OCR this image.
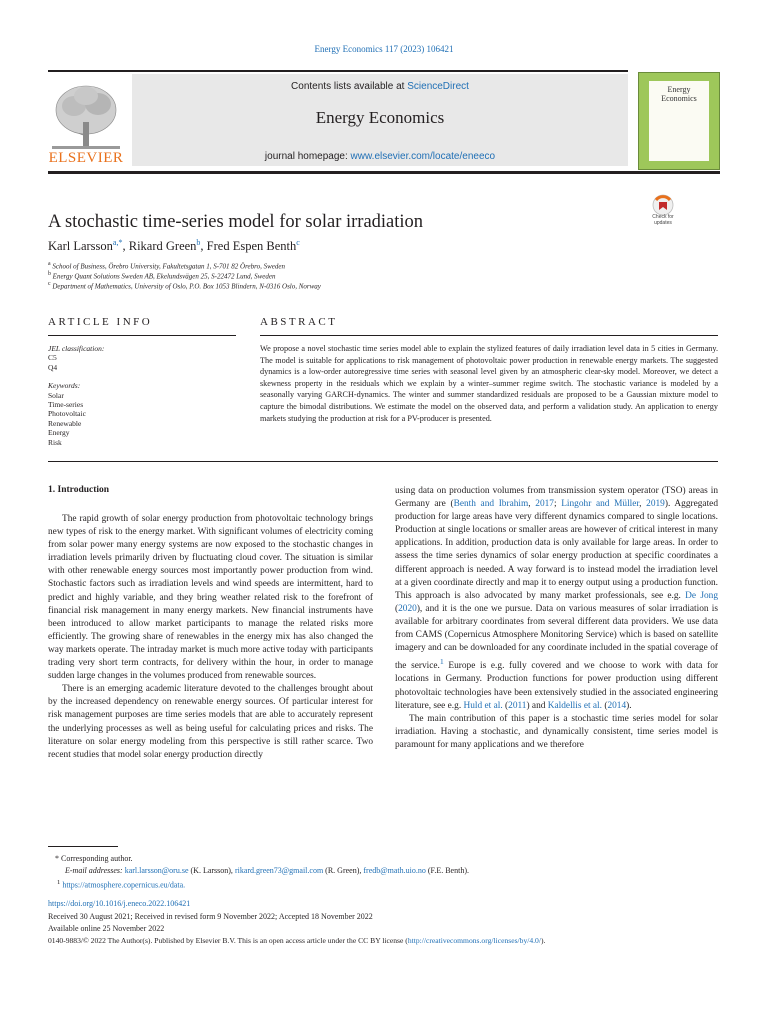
Energy Economics 117 (2023) 106421
Contents lists available at ScienceDirect
Energy Economics
journal homepage: www.elsevier.com/locate/eneeco
ELSEVIER
Energy Economics
A stochastic time-series model for solar irradiation
Karl Larsson$^{a,*}$, Rikard Green$^b$, Fred Espen Benth$^c$
$^a$ School of Business, Örebro University, Fakultetsgatan 1, S-701 82 Örebro, Sweden
$^b$ Energy Quant Solutions Sweden AB, Ekelundsvägen 25, S-22472 Lund, Sweden
$^c$ Department of Mathematics, University of Oslo, P.O. Box 1053 Blindern, N-0316 Oslo, Norway
Check for updates
ARTICLE INFO	ABSTRACT
JEL classification:
C5
Q4
Keywords:
Solar
Time-series
Photovoltaic
Renewable
Energy
Risk
We propose a novel stochastic time series model able to explain the stylized features of daily irradiation level data in 5 cities in Germany. The model is suitable for applications to risk management of photovoltaic power production in renewable energy markets. The suggested dynamics is a low-order autoregressive time series with seasonal level given by an atmospheric clear-sky model. Moreover, we detect a skewness property in the residuals which we explain by a winter–summer regime switch. The stochastic variance is modeled by a seasonally varying GARCH-dynamics. The winter and summer standardized residuals are proposed to be a Gaussian mixture model to capture the bimodal distributions. We estimate the model on the observed data, and perform a validation study. An application to energy markets studying the production at risk for a PV-producer is presented.
1. Introduction

The rapid growth of solar energy production from photovoltaic technology brings new types of risk to the energy market. With significant volumes of electricity coming from solar power many energy systems are now exposed to the stochastic changes in irradiation levels primarily driven by fluctuating cloud cover. The situation is similar with other renewable energy sources most importantly power production from wind. Stochastic factors such as irradiation levels and wind speeds are intermittent, hard to predict and highly variable, and they bring weather related risk to the forefront of financial risk management in many energy markets. New financial instruments have been introduced to allow market participants to manage the related risks more efficiently. The growing share of renewables in the energy mix has also changed the way markets operate. The intraday market is much more active today with participants trading very short term contracts, for delivery within the hour, in order to manage sudden large changes in the volumes produced from renewable sources.

There is an emerging academic literature devoted to the challenges brought about by the increased dependency on renewable energy sources. Of particular interest for risk management purposes are time series models that are able to accurately represent the underlying processes as well as being useful for calculating prices and risks. The literature on solar energy modeling from this perspective is still rather scarce. Two recent studies that model solar energy production directly

using data on production volumes from transmission system operator (TSO) areas in Germany are (Benth and Ibrahim, 2017; Lingohr and Müller, 2019). Aggregated production for large areas have very different dynamics compared to single locations. Production at single locations or smaller areas are however of critical interest in many applications. In addition, production data is only available for large areas. In order to assess the time series dynamics of solar energy production at specific coordinates a different approach is needed. A way forward is to instead model the irradiation level at a given coordinate directly and map it to energy output using a production function. This approach is also advocated by many market professionals, see e.g. De Jong (2020), and it is the one we pursue. Data on various measures of solar irradiation is available for arbitrary coordinates from several different data providers. We use data from CAMS (Copernicus Atmosphere Monitoring Service) which is based on satellite imagery and can be downloaded for any coordinate included in the spatial coverage of the service.$^1$ Europe is e.g. fully covered and we choose to work with data for locations in Germany. Production functions for power production using different photovoltaic technologies have been extensively studied in the associated engineering literature, see e.g. Huld et al. (2011) and Kaldellis et al. (2014).

The main contribution of this paper is a stochastic time series model for solar irradiation. Having a stochastic, and dynamically consistent, time series model is paramount for many applications and we therefore

* Corresponding author.
E-mail addresses: karl.larsson@oru.se (K. Larsson), rikard.green73@gmail.com (R. Green), fredb@math.uio.no (F.E. Benth).
$^1$ https://atmosphere.copernicus.eu/data.
https://doi.org/10.1016/j.eneco.2022.106421
Received 30 August 2021; Received in revised form 9 November 2022; Accepted 18 November 2022
Available online 25 November 2022
0140-9883/© 2022 The Author(s). Published by Elsevier B.V. This is an open access article under the CC BY license (http://creativecommons.org/licenses/by/4.0/).
